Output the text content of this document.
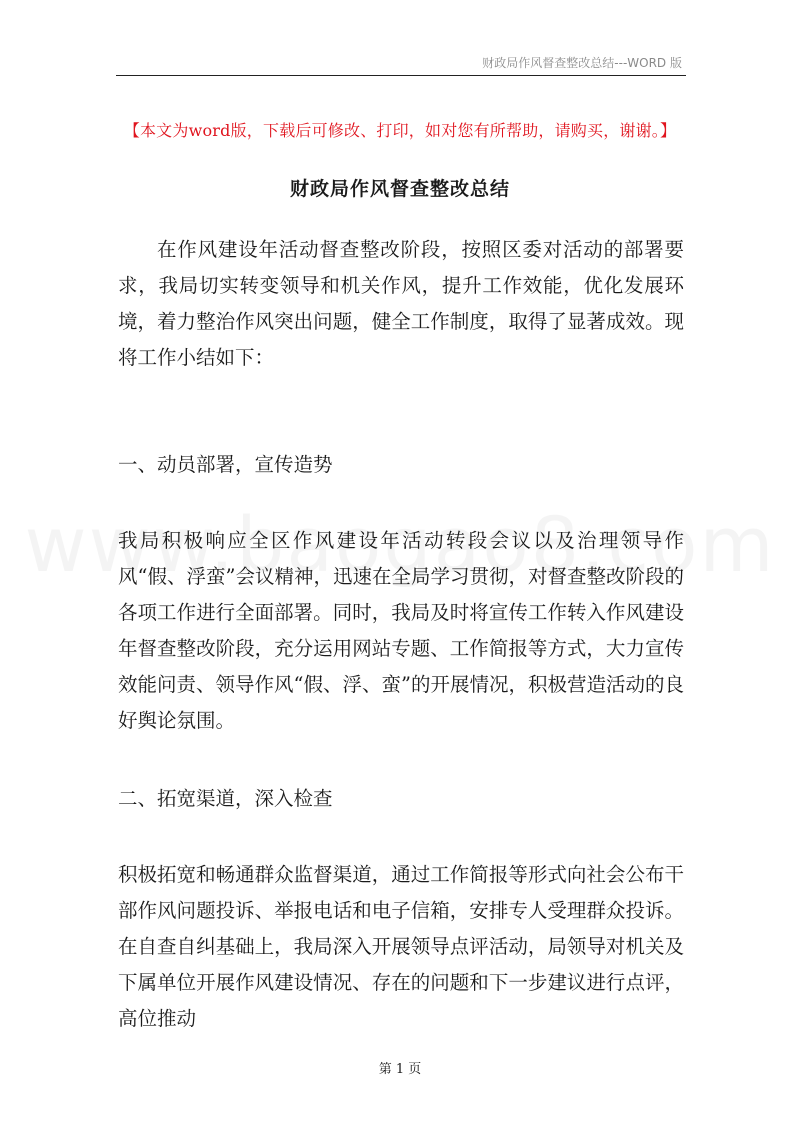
财政局作风督查整改总结---WORD 版
【本文为word版，下载后可修改、打印，如对您有所帮助，请购买，谢谢。】
财政局作风督查整改总结

在作风建设年活动督查整改阶段，按照区委对活动的部署要求，我局切实转变领导和机关作风，提升工作效能，优化发展环境，着力整治作风突出问题，健全工作制度，取得了显著成效。现将工作小结如下：

一、动员部署，宣传造势

我局积极响应全区作风建设年活动转段会议以及治理领导作风“假、浮蛮”会议精神，迅速在全局学习贯彻，对督查整改阶段的各项工作进行全面部署。同时，我局及时将宣传工作转入作风建设年督查整改阶段，充分运用网站专题、工作简报等方式，大力宣传效能问责、领导作风“假、浮、蛮”的开展情况，积极营造活动的良好舆论氛围。

二、拓宽渠道，深入检查

积极拓宽和畅通群众监督渠道，通过工作简报等形式向社会公布干部作风问题投诉、举报电话和电子信箱，安排专人受理群众投诉。在自查自纠基础上，我局深入开展领导点评活动，局领导对机关及下属单位开展作风建设情况、存在的问题和下一步建议进行点评，高位推动

第 1 页
